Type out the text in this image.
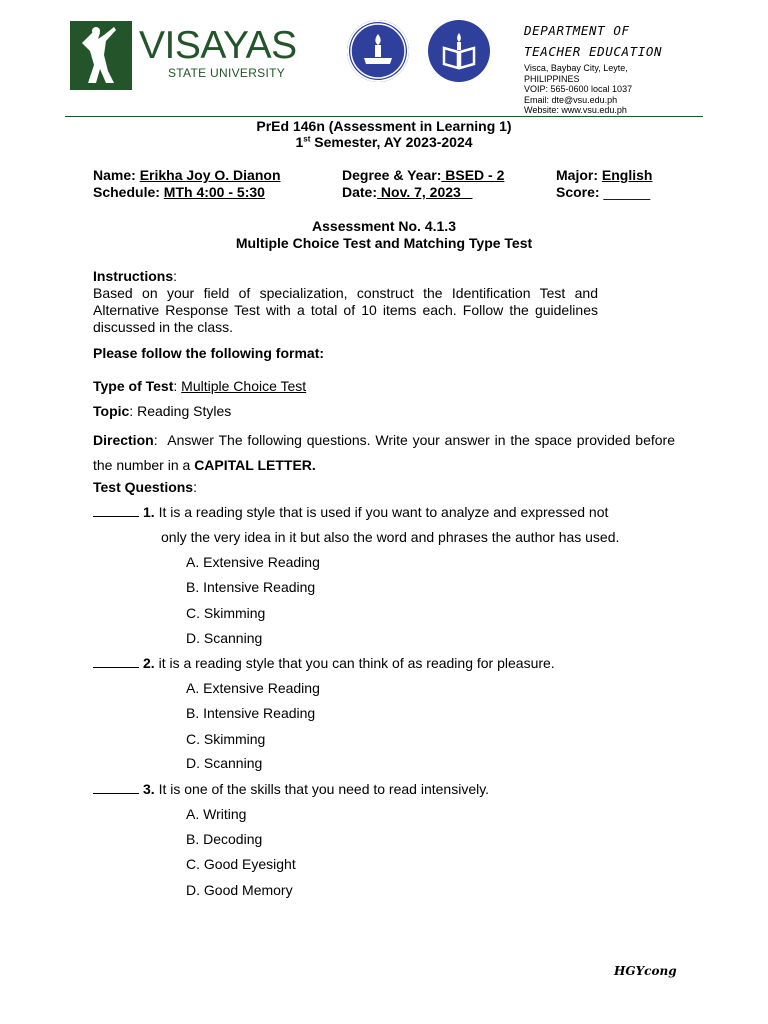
VISAYAS
STATE UNIVERSITY
DEPARTMENT OF
TEACHER EDUCATION
Visca, Baybay City, Leyte,
PHILIPPINES
VOIP: 565-0600 local 1037
Email: dte@vsu.edu.ph
Website: www.vsu.edu.ph
PrEd 146n (Assessment in Learning 1)
1st Semester, AY 2023-2024
Name: Erikha Joy O. Dianon
Schedule: MTh 4:00 - 5:30
Degree & Year: BSED - 2
Date: Nov. 7, 2023
Major: English
Score: ______
Assessment No. 4.1.3
Multiple Choice Test and Matching Type Test
Instructions:
Based on your field of specialization, construct the Identification Test and Alternative Response Test with a total of 10 items each. Follow the guidelines discussed in the class.
Please follow the following format:
Type of Test: Multiple Choice Test
Topic: Reading Styles
Direction:  Answer The following questions. Write your answer in the space provided before the number in a CAPITAL LETTER.
Test Questions:
1. It is a reading style that is used if you want to analyze and expressed not
only the very idea in it but also the word and phrases the author has used.
A. Extensive Reading
B. Intensive Reading
C. Skimming
D. Scanning
2. it is a reading style that you can think of as reading for pleasure.
A. Extensive Reading
B. Intensive Reading
C. Skimming
D. Scanning
3. It is one of the skills that you need to read intensively.
A. Writing
B. Decoding
C. Good Eyesight
D. Good Memory
HGYcong
